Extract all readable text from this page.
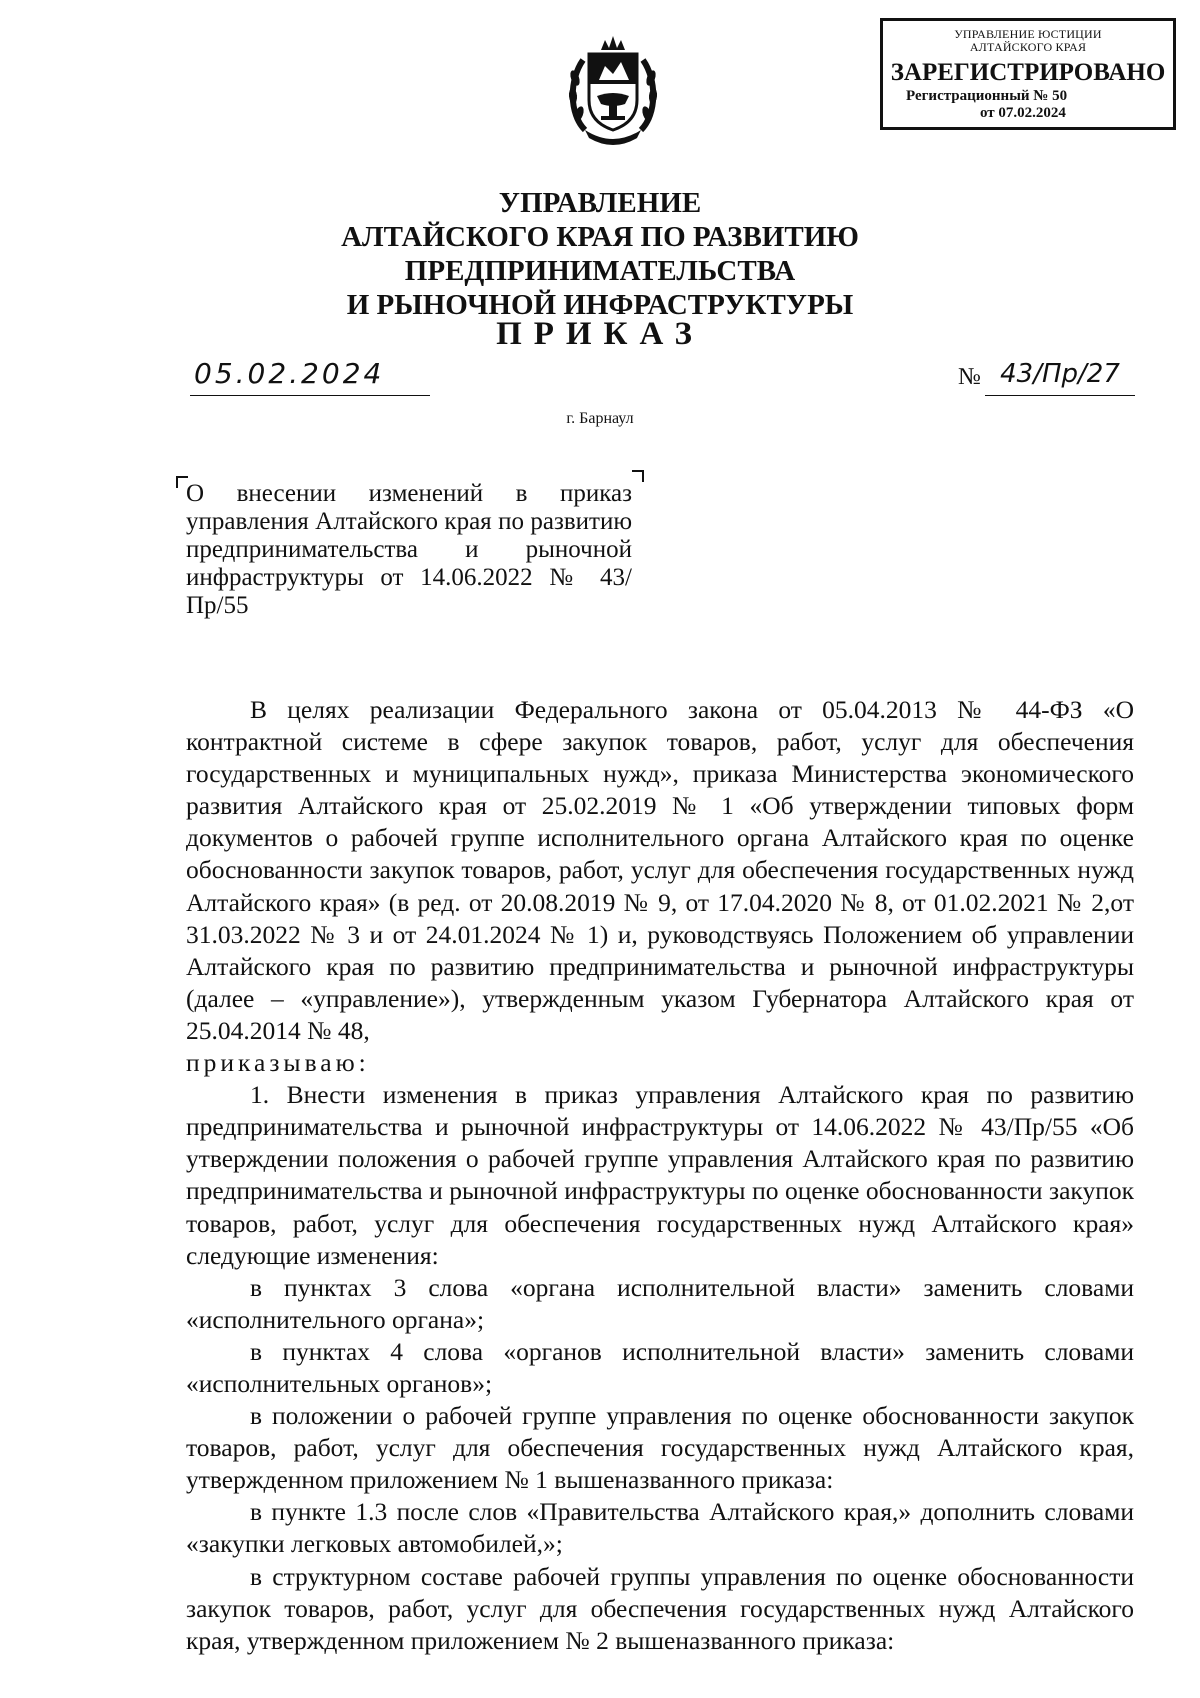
УПРАВЛЕНИЕ ЮСТИЦИИ
АЛТАЙСКОГО КРАЯ
ЗАРЕГИСТРИРОВАНО
Регистрационный № 50
от 07.02.2024
УПРАВЛЕНИЕ
АЛТАЙСКОГО КРАЯ ПО РАЗВИТИЮ ПРЕДПРИНИМАТЕЛЬСТВА
И РЫНОЧНОЙ ИНФРАСТРУКТУРЫ
ПРИКАЗ
05.02.2024	№ 43/Пр/27
г. Барнаул
О внесении изменений в приказ управления Алтайского края по развитию предпринимательства и рыночной инфраструктуры от 14.06.2022 № 43/Пр/55

В целях реализации Федерального закона от 05.04.2013 № 44-ФЗ «О контрактной системе в сфере закупок товаров, работ, услуг для обеспечения государственных и муниципальных нужд», приказа Министерства экономического развития Алтайского края от 25.02.2019 № 1 «Об утверждении типовых форм документов о рабочей группе исполнительного органа Алтайского края по оценке обоснованности закупок товаров, работ, услуг для обеспечения государственных нужд Алтайского края» (в ред. от 20.08.2019 № 9, от 17.04.2020 № 8, от 01.02.2021 № 2,от 31.03.2022 № 3 и от 24.01.2024 № 1) и, руководствуясь Положением об управлении Алтайского края по развитию предпринимательства и рыночной инфраструктуры (далее – «управление»), утвержденным указом Губернатора Алтайского края от 25.04.2014 № 48,

приказываю:

1. Внести изменения в приказ управления Алтайского края по развитию предпринимательства и рыночной инфраструктуры от 14.06.2022 № 43/Пр/55 «Об утверждении положения о рабочей группе управления Алтайского края по развитию предпринимательства и рыночной инфраструктуры по оценке обоснованности закупок товаров, работ, услуг для обеспечения государственных нужд Алтайского края» следующие изменения:

в пунктах 3 слова «органа исполнительной власти» заменить словами «исполнительного органа»;

в пунктах 4 слова «органов исполнительной власти» заменить словами «исполнительных органов»;

в положении о рабочей группе управления по оценке обоснованности закупок товаров, работ, услуг для обеспечения государственных нужд Алтайского края, утвержденном приложением № 1 вышеназванного приказа:

в пункте 1.3 после слов «Правительства Алтайского края,» дополнить словами «закупки легковых автомобилей,»;

в структурном составе рабочей группы управления по оценке обоснованности закупок товаров, работ, услуг для обеспечения государственных нужд Алтайского края, утвержденном приложением № 2 вышеназванного приказа:
